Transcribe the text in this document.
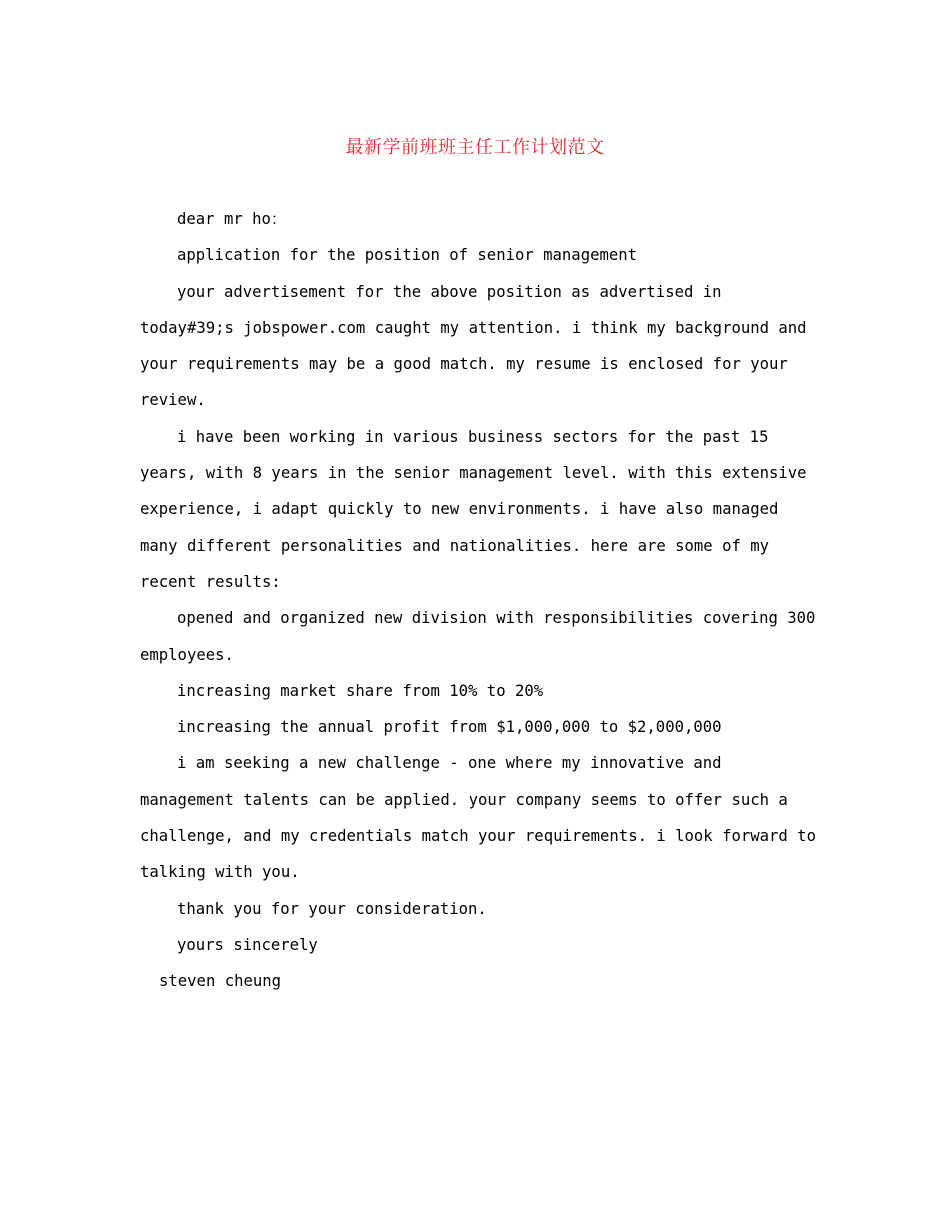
最新学前班班主任工作计划范文

dear mr ho：

application for the position of senior management

your advertisement for the above position as advertised in
today#39;s jobspower.com caught my attention. i think my background and
your requirements may be a good match. my resume is enclosed for your
review.

i have been working in various business sectors for the past 15
years, with 8 years in the senior management level. with this extensive
experience, i adapt quickly to new environments. i have also managed
many different personalities and nationalities. here are some of my
recent results:

opened and organized new division with responsibilities covering 300
employees.

increasing market share from 10% to 20%

increasing the annual profit from $1,000,000 to $2,000,000

i am seeking a new challenge - one where my innovative and
management talents can be applied. your company seems to offer such a
challenge, and my credentials match your requirements. i look forward to
talking with you.

thank you for your consideration.

yours sincerely

steven cheung
